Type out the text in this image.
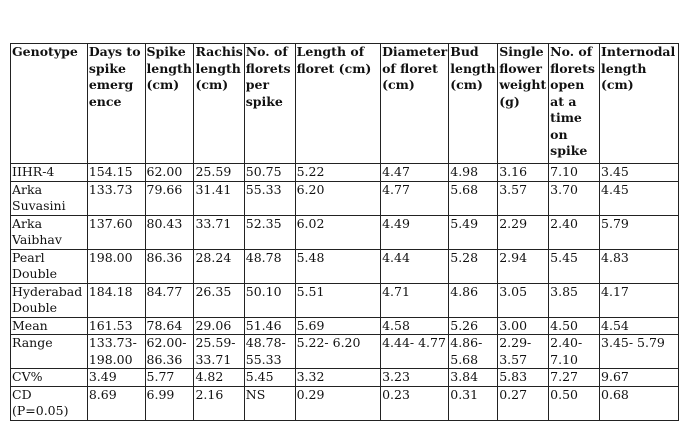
Genotype	Days to spike emerg ence	Spike length (cm)	Rachis length (cm)	No. of florets per spike	Length of floret (cm)	Diameter of floret (cm)	Bud length (cm)	Single flower weight (g)	No. of florets open at a time on spike	Internodal length (cm)
IIHR-4	154.15	62.00	25.59	50.75	5.22	4.47	4.98	3.16	7.10	3.45
Arka Suvasini	133.73	79.66	31.41	55.33	6.20	4.77	5.68	3.57	3.70	4.45
Arka Vaibhav	137.60	80.43	33.71	52.35	6.02	4.49	5.49	2.29	2.40	5.79
Pearl Double	198.00	86.36	28.24	48.78	5.48	4.44	5.28	2.94	5.45	4.83
Hyderabad Double	184.18	84.77	26.35	50.10	5.51	4.71	4.86	3.05	3.85	4.17
Mean	161.53	78.64	29.06	51.46	5.69	4.58	5.26	3.00	4.50	4.54
Range	133.73- 198.00	62.00- 86.36	25.59- 33.71	48.78- 55.33	5.22- 6.20	4.44- 4.77	4.86- 5.68	2.29- 3.57	2.40- 7.10	3.45- 5.79
CV%	3.49	5.77	4.82	5.45	3.32	3.23	3.84	5.83	7.27	9.67
CD (P=0.05)	8.69	6.99	2.16	NS	0.29	0.23	0.31	0.27	0.50	0.68
